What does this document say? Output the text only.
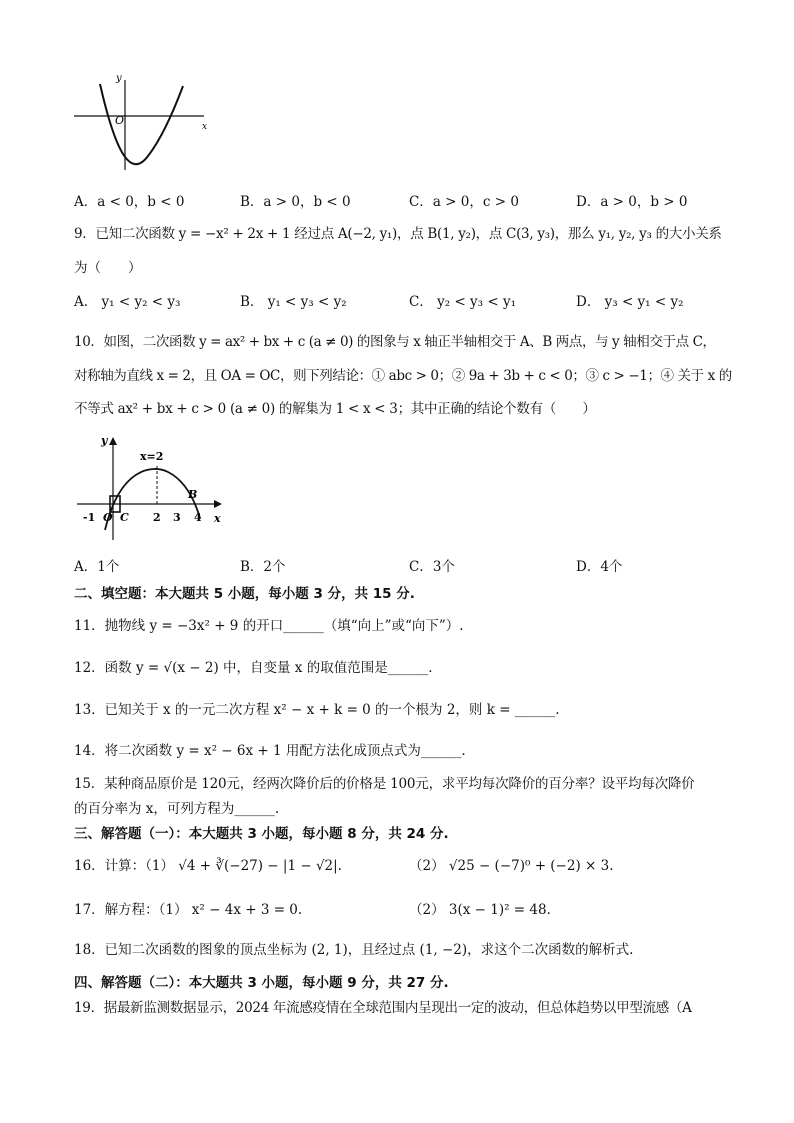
y
O	x
A．a < 0，b < 0	B．a > 0，b < 0	C．a > 0，c > 0	D．a > 0，b > 0
9．已知二次函数 y = −x² + 2x + 1 经过点 A(−2, y₁)，点 B(1, y₂)，点 C(3, y₃)，那么 y₁, y₂, y₃ 的大小关系
为（　　）
A． y₁ < y₂ < y₃	B． y₁ < y₃ < y₂	C． y₂ < y₃ < y₁	D． y₃ < y₁ < y₂
10．如图，二次函数 y = ax² + bx + c (a ≠ 0) 的图象与 x 轴正半轴相交于 A、B 两点，与 y 轴相交于点 C，
对称轴为直线 x = 2，且 OA = OC，则下列结论：① abc > 0；② 9a + 3b + c < 0；③ c > −1；④ 关于 x 的
不等式 ax² + bx + c > 0 (a ≠ 0) 的解集为 1 < x < 3；其中正确的结论个数有（　　）
y
x
x=2
B
C
-1 O	2 3 4
A．1个	B．2个	C．3个	D．4个
二、填空题：本大题共 5 小题，每小题 3 分，共 15 分.
11．抛物线 y = −3x² + 9 的开口______（填“向上”或“向下”）.
12．函数 y = √(x − 2) 中，自变量 x 的取值范围是______.
13．已知关于 x 的一元二次方程 x² − x + k = 0 的一个根为 2，则 k = ______.
14．将二次函数 y = x² − 6x + 1 用配方法化成顶点式为______.
15．某种商品原价是 120元，经两次降价后的价格是 100元，求平均每次降价的百分率？设平均每次降价
的百分率为 x，可列方程为______.
三、解答题（一）：本大题共 3 小题，每小题 8 分，共 24 分.
16．计算：（1） √4 + ∛(−27) − |1 − √2|.	（2） √25 − (−7)⁰ + (−2) × 3.
17．解方程：（1） x² − 4x + 3 = 0.	（2） 3(x − 1)² = 48.
18．已知二次函数的图象的顶点坐标为 (2, 1)，且经过点 (1, −2)，求这个二次函数的解析式.
四、解答题（二）：本大题共 3 小题，每小题 9 分，共 27 分.
19．据最新监测数据显示，2024 年流感疫情在全球范围内呈现出一定的波动，但总体趋势以甲型流感（A
